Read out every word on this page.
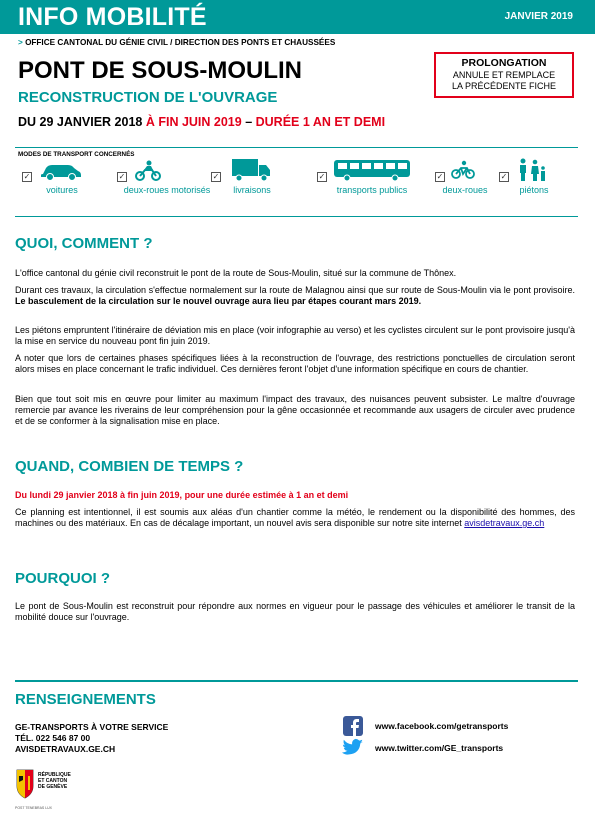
INFO MOBILITÉ	JANVIER 2019
> OFFICE CANTONAL DU GÉNIE CIVIL / DIRECTION DES PONTS ET CHAUSSÉES
PONT DE SOUS-MOULIN
RECONSTRUCTION DE L'OUVRAGE
DU 29 JANVIER 2018 À FIN JUIN 2019 – DURÉE 1 AN ET DEMI
PROLONGATION
ANNULE ET REMPLACE
LA PRÉCÉDENTE FICHE
MODES DE TRANSPORT CONCERNÉS
✓
voitures
✓
deux-roues motorisés
✓
livraisons
✓
transports publics
✓
deux-roues
✓
piétons
QUOI, COMMENT ?
L'office cantonal du génie civil reconstruit le pont de la route de Sous-Moulin, situé sur la commune de Thônex.
Durant ces travaux, la circulation s'effectue normalement sur la route de Malagnou ainsi que sur route de Sous-Moulin via le pont provisoire. Le basculement de la circulation sur le nouvel ouvrage aura lieu par étapes courant mars 2019.
Les piétons empruntent l'itinéraire de déviation mis en place (voir infographie au verso) et les cyclistes circulent sur le pont provisoire jusqu'à la mise en service du nouveau pont fin juin 2019.
A noter que lors de certaines phases spécifiques liées à la reconstruction de l'ouvrage, des restrictions ponctuelles de circulation seront alors mises en place concernant le trafic individuel. Ces dernières feront l'objet d'une information spécifique en cours de chantier.
Bien que tout soit mis en œuvre pour limiter au maximum l'impact des travaux, des nuisances peuvent subsister. Le maître d'ouvrage remercie par avance les riverains de leur compréhension pour la gêne occasionnée et recommande aux usagers de circuler avec prudence et de se conformer à la signalisation mise en place.
QUAND, COMBIEN DE TEMPS ?
Du lundi 29 janvier 2018 à fin juin 2019, pour une durée estimée à 1 an et demi
Ce planning est intentionnel, il est soumis aux aléas d'un chantier comme la météo, le rendement ou la disponibilité des hommes, des machines ou des matériaux. En cas de décalage important, un nouvel avis sera disponible sur notre site internet avisdetravaux.ge.ch
POURQUOI ?
Le pont de Sous-Moulin est reconstruit pour répondre aux normes en vigueur pour le passage des véhicules et améliorer le transit de la mobilité douce sur l'ouvrage.
RENSEIGNEMENTS
GE-TRANSPORTS À VOTRE SERVICE
TÉL. 022 546 87 00
AVISDETRAVAUX.GE.CH
www.facebook.com/getransports
www.twitter.com/GE_transports
RÉPUBLIQUE
ET CANTON
DE GENÈVE
POST TENEBRAS LUX
